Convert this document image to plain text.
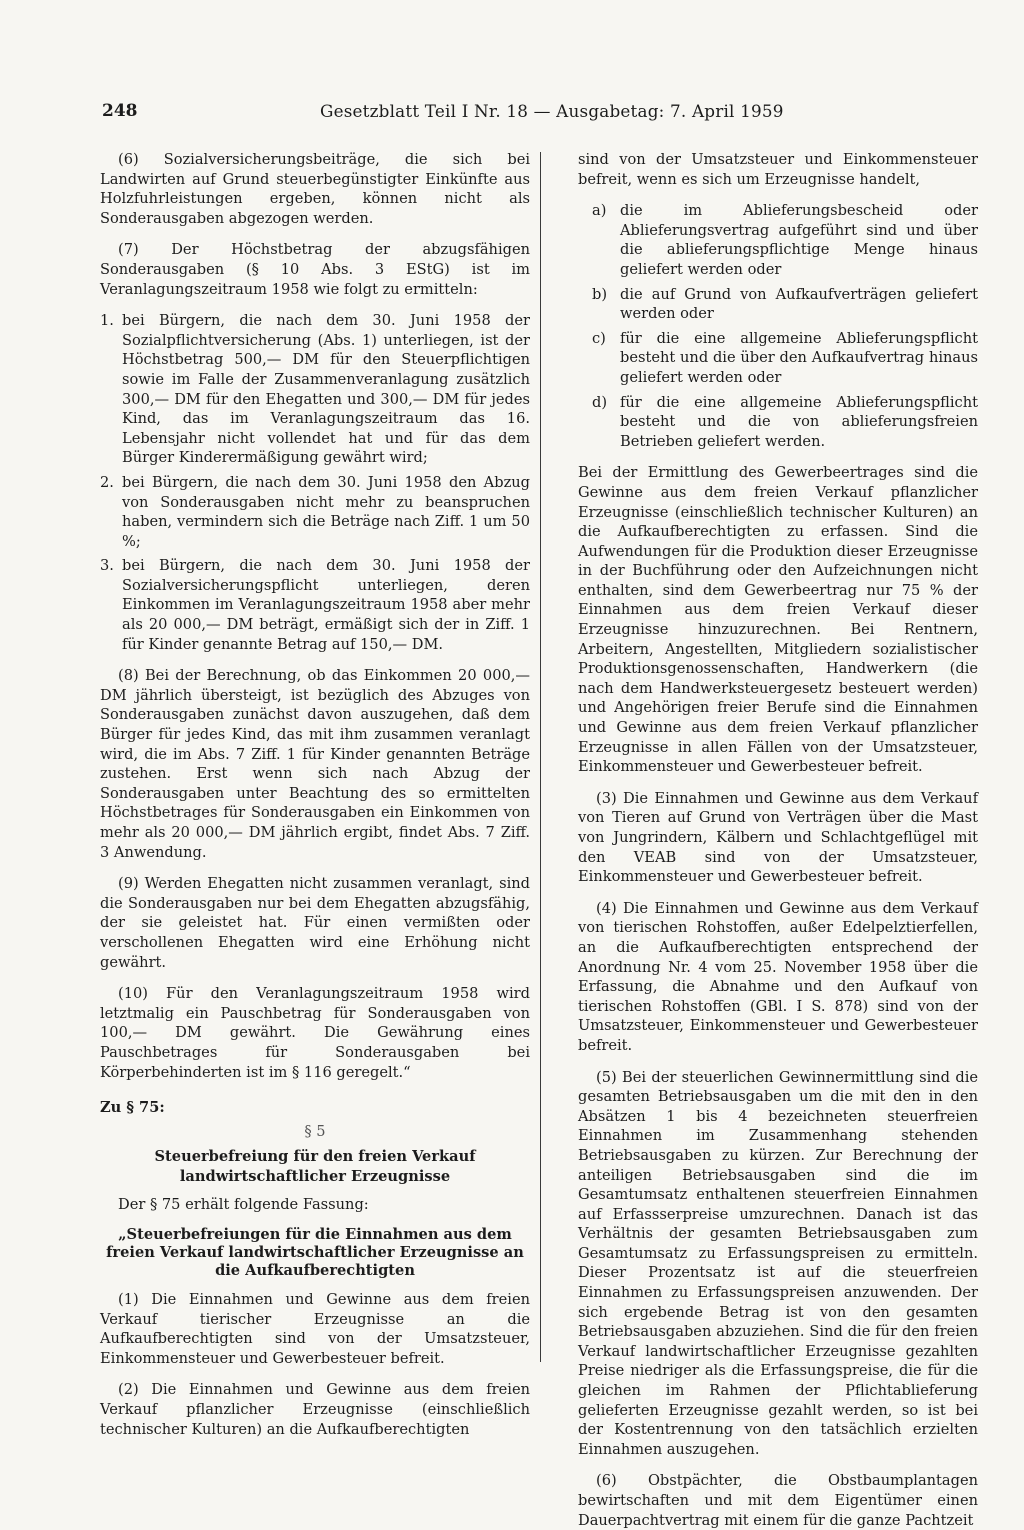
248	Gesetzblatt Teil I Nr. 18 — Ausgabetag: 7. April 1959

(6) Sozialversicherungsbeiträge, die sich bei Landwirten auf Grund steuerbegünstigter Einkünfte aus Holzfuhrleistungen ergeben, können nicht als Sonderausgaben abgezogen werden.

(7) Der Höchstbetrag der abzugsfähigen Sonderausgaben (§ 10 Abs. 3 EStG) ist im Veranlagungszeitraum 1958 wie folgt zu ermitteln:

1. bei Bürgern, die nach dem 30. Juni 1958 der Sozialpflichtversicherung (Abs. 1) unterliegen, ist der Höchstbetrag 500,— DM für den Steuerpflichtigen sowie im Falle der Zusammenveranlagung zusätzlich 300,— DM für den Ehegatten und 300,— DM für jedes Kind, das im Veranlagungszeitraum das 16. Lebensjahr nicht vollendet hat und für das dem Bürger Kinderermäßigung gewährt wird;
2. bei Bürgern, die nach dem 30. Juni 1958 den Abzug von Sonderausgaben nicht mehr zu beanspruchen haben, vermindern sich die Beträge nach Ziff. 1 um 50 %;
3. bei Bürgern, die nach dem 30. Juni 1958 der Sozialversicherungspflicht unterliegen, deren Einkommen im Veranlagungszeitraum 1958 aber mehr als 20 000,— DM beträgt, ermäßigt sich der in Ziff. 1 für Kinder genannte Betrag auf 150,— DM.

(8) Bei der Berechnung, ob das Einkommen 20 000,— DM jährlich übersteigt, ist bezüglich des Abzuges von Sonderausgaben zunächst davon auszugehen, daß dem Bürger für jedes Kind, das mit ihm zusammen veranlagt wird, die im Abs. 7 Ziff. 1 für Kinder genannten Beträge zustehen. Erst wenn sich nach Abzug der Sonderausgaben unter Beachtung des so ermittelten Höchstbetrages für Sonderausgaben ein Einkommen von mehr als 20 000,— DM jährlich ergibt, findet Abs. 7 Ziff. 3 Anwendung.

(9) Werden Ehegatten nicht zusammen veranlagt, sind die Sonderausgaben nur bei dem Ehegatten abzugsfähig, der sie geleistet hat. Für einen vermißten oder verschollenen Ehegatten wird eine Erhöhung nicht gewährt.

(10) Für den Veranlagungszeitraum 1958 wird letztmalig ein Pauschbetrag für Sonderausgaben von 100,— DM gewährt. Die Gewährung eines Pauschbetrages für Sonderausgaben bei Körperbehinderten ist im § 116 geregelt.“

Zu § 75:
§ 5
Steuerbefreiung für den freien Verkauf landwirtschaftlicher Erzeugnisse

Der § 75 erhält folgende Fassung:

„Steuerbefreiungen für die Einnahmen aus dem freien Verkauf landwirtschaftlicher Erzeugnisse an die Aufkaufberechtigten

(1) Die Einnahmen und Gewinne aus dem freien Verkauf tierischer Erzeugnisse an die Aufkaufberechtigten sind von der Umsatzsteuer, Einkommensteuer und Gewerbesteuer befreit.

(2) Die Einnahmen und Gewinne aus dem freien Verkauf pflanzlicher Erzeugnisse (einschließlich technischer Kulturen) an die Aufkaufberechtigten

sind von der Umsatzsteuer und Einkommensteuer befreit, wenn es sich um Erzeugnisse handelt,

a) die im Ablieferungsbescheid oder Ablieferungsvertrag aufgeführt sind und über die ablieferungspflichtige Menge hinaus geliefert werden oder
b) die auf Grund von Aufkaufverträgen geliefert werden oder
c) für die eine allgemeine Ablieferungspflicht besteht und die über den Aufkaufvertrag hinaus geliefert werden oder
d) für die eine allgemeine Ablieferungspflicht besteht und die von ablieferungsfreien Betrieben geliefert werden.

Bei der Ermittlung des Gewerbeertrages sind die Gewinne aus dem freien Verkauf pflanzlicher Erzeugnisse (einschließlich technischer Kulturen) an die Aufkaufberechtigten zu erfassen. Sind die Aufwendungen für die Produktion dieser Erzeugnisse in der Buchführung oder den Aufzeichnungen nicht enthalten, sind dem Gewerbeertrag nur 75 % der Einnahmen aus dem freien Verkauf dieser Erzeugnisse hinzuzurechnen. Bei Rentnern, Arbeitern, Angestellten, Mitgliedern sozialistischer Produktionsgenossenschaften, Handwerkern (die nach dem Handwerksteuergesetz besteuert werden) und Angehörigen freier Berufe sind die Einnahmen und Gewinne aus dem freien Verkauf pflanzlicher Erzeugnisse in allen Fällen von der Umsatzsteuer, Einkommensteuer und Gewerbesteuer befreit.

(3) Die Einnahmen und Gewinne aus dem Verkauf von Tieren auf Grund von Verträgen über die Mast von Jungrindern, Kälbern und Schlachtgeflügel mit den VEAB sind von der Umsatzsteuer, Einkommensteuer und Gewerbesteuer befreit.

(4) Die Einnahmen und Gewinne aus dem Verkauf von tierischen Rohstoffen, außer Edelpelztierfellen, an die Aufkaufberechtigten entsprechend der Anordnung Nr. 4 vom 25. November 1958 über die Erfassung, die Abnahme und den Aufkauf von tierischen Rohstoffen (GBl. I S. 878) sind von der Umsatzsteuer, Einkommensteuer und Gewerbesteuer befreit.

(5) Bei der steuerlichen Gewinnermittlung sind die gesamten Betriebsausgaben um die mit den in den Absätzen 1 bis 4 bezeichneten steuerfreien Einnahmen im Zusammenhang stehenden Betriebsausgaben zu kürzen. Zur Berechnung der anteiligen Betriebsausgaben sind die im Gesamtumsatz enthaltenen steuerfreien Einnahmen auf Erfassserpreise umzurechnen. Danach ist das Verhältnis der gesamten Betriebsausgaben zum Gesamtumsatz zu Erfassungspreisen zu ermitteln. Dieser Prozentsatz ist auf die steuerfreien Einnahmen zu Erfassungspreisen anzuwenden. Der sich ergebende Betrag ist von den gesamten Betriebsausgaben abzuziehen. Sind die für den freien Verkauf landwirtschaftlicher Erzeugnisse gezahlten Preise niedriger als die Erfassungspreise, die für die gleichen im Rahmen der Pflichtablieferung gelieferten Erzeugnisse gezahlt werden, so ist bei der Kostentrennung von den tatsächlich erzielten Einnahmen auszugehen.

(6) Obstpächter, die Obstbaumplantagen bewirtschaften und mit dem Eigentümer einen Dauerpachtvertrag mit einem für die ganze Pachtzeit
